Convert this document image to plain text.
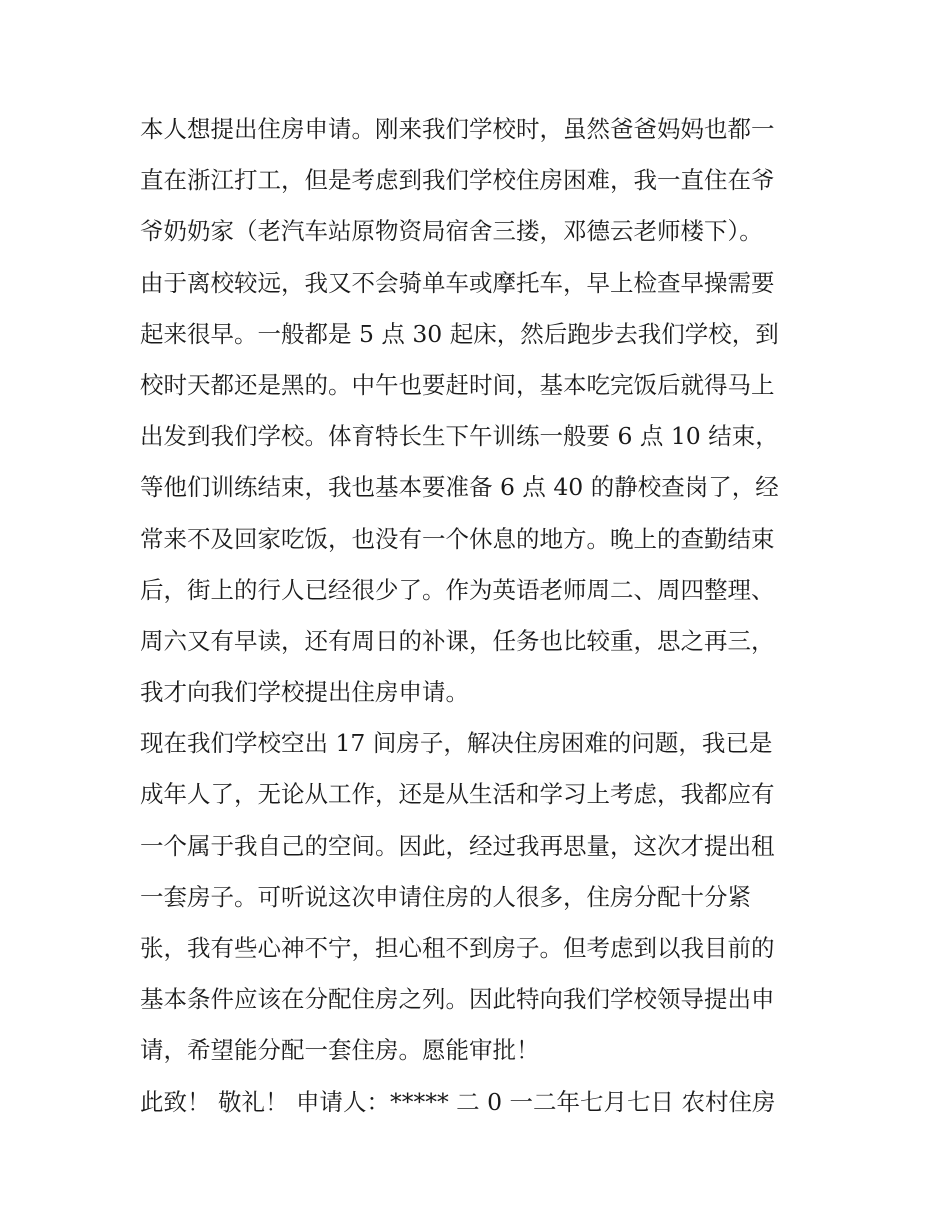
本人想提出住房申请。刚来我们学校时，虽然爸爸妈妈也都一
直在浙江打工，但是考虑到我们学校住房困难，我一直住在爷
爷奶奶家（老汽车站原物资局宿舍三搂，邓德云老师楼下）。
由于离校较远，我又不会骑单车或摩托车，早上检查早操需要
起来很早。一般都是 5 点 30 起床，然后跑步去我们学校，到
校时天都还是黑的。中午也要赶时间，基本吃完饭后就得马上
出发到我们学校。体育特长生下午训练一般要 6 点 10 结束，
等他们训练结束，我也基本要准备 6 点 40 的静校查岗了，经
常来不及回家吃饭，也没有一个休息的地方。晚上的查勤结束
后，街上的行人已经很少了。作为英语老师周二、周四整理、
周六又有早读，还有周日的补课，任务也比较重，思之再三，
我才向我们学校提出住房申请。
现在我们学校空出 17 间房子，解决住房困难的问题，我已是
成年人了，无论从工作，还是从生活和学习上考虑，我都应有
一个属于我自己的空间。因此，经过我再思量，这次才提出租
一套房子。可听说这次申请住房的人很多，住房分配十分紧
张，我有些心神不宁，担心租不到房子。但考虑到以我目前的
基本条件应该在分配住房之列。因此特向我们学校领导提出申
请，希望能分配一套住房。愿能审批！
此致！ 敬礼！ 申请人：***** 二 0 一二年七月七日 农村住房
